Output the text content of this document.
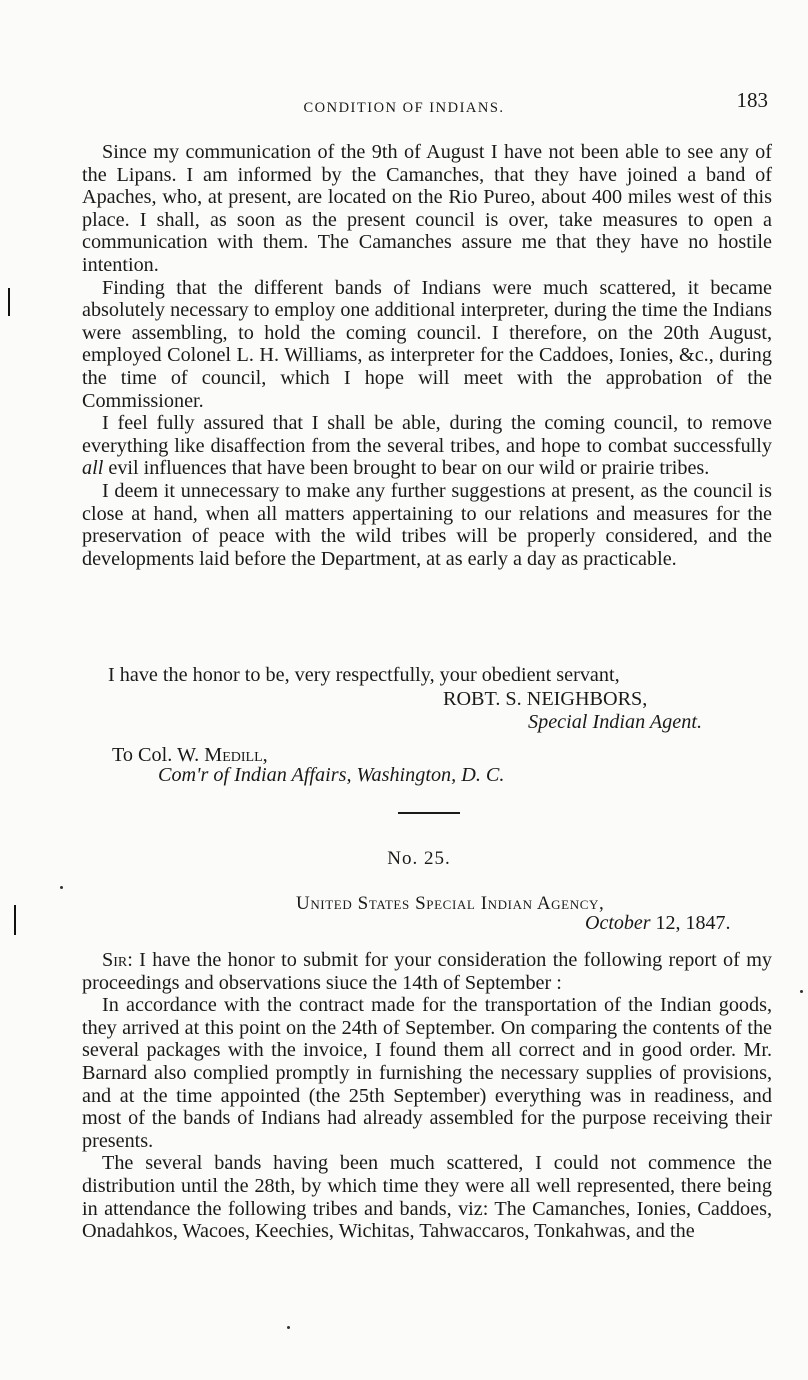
CONDITION OF INDIANS.	183

Since my communication of the 9th of August I have not been able to see any of the Lipans. I am informed by the Camanches, that they have joined a band of Apaches, who, at present, are located on the Rio Pureo, about 400 miles west of this place. I shall, as soon as the present council is over, take measures to open a communication with them. The Camanches assure me that they have no hostile intention.

Finding that the different bands of Indians were much scattered, it became absolutely necessary to employ one additional interpreter, during the time the Indians were assembling, to hold the coming council. I therefore, on the 20th August, employed Colonel L. H. Williams, as interpreter for the Caddoes, Ionies, &c., during the time of council, which I hope will meet with the approbation of the Commissioner.

I feel fully assured that I shall be able, during the coming council, to remove everything like disaffection from the several tribes, and hope to combat successfully all evil influences that have been brought to bear on our wild or prairie tribes.

I deem it unnecessary to make any further suggestions at present, as the council is close at hand, when all matters appertaining to our relations and measures for the preservation of peace with the wild tribes will be properly considered, and the developments laid before the Department, at as early a day as practicable.

I have the honor to be, very respectfully, your obedient servant,
ROBT. S. NEIGHBORS,
Special Indian Agent.
To Col. W. Medill,
Com'r of Indian Affairs, Washington, D. C.
No. 25.
United States Special Indian Agency,
October 12, 1847.

Sir: I have the honor to submit for your consideration the following report of my proceedings and observations siuce the 14th of September :

In accordance with the contract made for the transportation of the Indian goods, they arrived at this point on the 24th of September. On comparing the contents of the several packages with the invoice, I found them all correct and in good order. Mr. Barnard also complied promptly in furnishing the necessary supplies of provisions, and at the time appointed (the 25th September) everything was in readiness, and most of the bands of Indians had already assembled for the purpose receiving their presents.

The several bands having been much scattered, I could not commence the distribution until the 28th, by which time they were all well represented, there being in attendance the following tribes and bands, viz: The Camanches, Ionies, Caddoes, Onadahkos, Wacoes, Keechies, Wichitas, Tahwaccaros, Tonkahwas, and the
